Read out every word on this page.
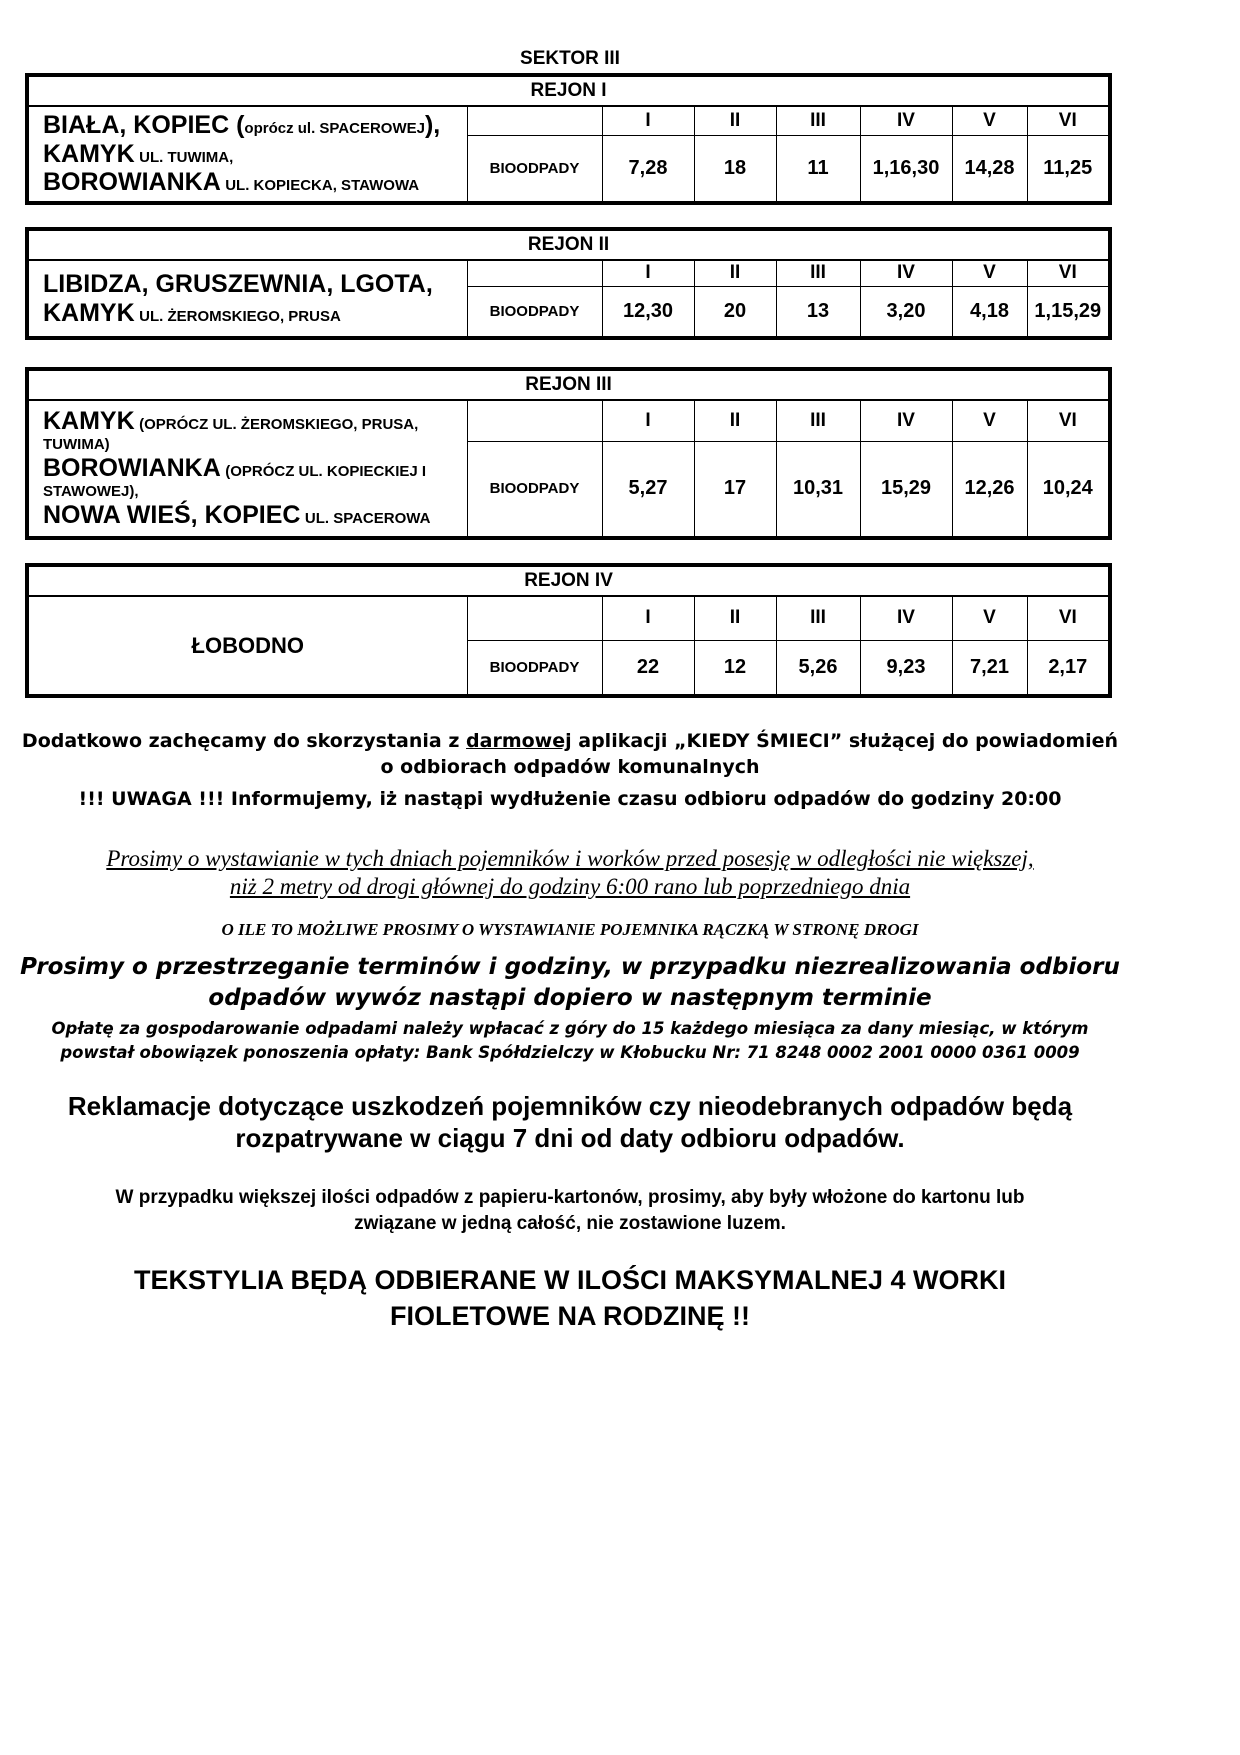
SEKTOR III
REJON I							

BIAŁA, KOPIEC (oprócz ul. SPACEROWEJ),
KAMYK UL. TUWIMA,
BOROWIANKA UL. KOPIECKA, STAWOWA		I	II	III	IV	V	VI
	BIOODPADY	7,28	18	11	1,16,30	14,28	11,25
REJON II							

LIBIDZA, GRUSZEWNIA, LGOTA,
KAMYK UL. ŻEROMSKIEGO, PRUSA		I	II	III	IV	V	VI
	BIOODPADY	12,30	20	13	3,20	4,18	1,15,29
REJON III							

KAMYK (OPRÓCZ UL. ŻEROMSKIEGO, PRUSA, TUWIMA)
BOROWIANKA (OPRÓCZ UL. KOPIECKIEJ I STAWOWEJ),
NOWA WIEŚ, KOPIEC UL. SPACEROWA		I	II	III	IV	V	VI
	BIOODPADY	5,27	17	10,31	15,29	12,26	10,24
REJON IV							
ŁOBODNO		I	II	III	IV	V	VI
	BIOODPADY	22	12	5,26	9,23	7,21	2,17
Dodatkowo zachęcamy do skorzystania z darmowej aplikacji „KIEDY ŚMIECI” służącej do powiadomień
o odbiorach odpadów komunalnych
!!! UWAGA !!! Informujemy, iż nastąpi wydłużenie czasu odbioru odpadów do godziny 20:00
Prosimy o wystawianie w tych dniach pojemników i worków przed posesję w odległości nie większej,
niż 2 metry od drogi głównej do godziny 6:00 rano lub poprzedniego dnia
O ILE TO MOŻLIWE PROSIMY O WYSTAWIANIE POJEMNIKA RĄCZKĄ W STRONĘ DROGI
Prosimy o przestrzeganie terminów i godziny, w przypadku niezrealizowania odbioru
odpadów wywóz nastąpi dopiero w następnym terminie
Opłatę za gospodarowanie odpadami należy wpłacać z góry do 15 każdego miesiąca za dany miesiąc, w którym
powstał obowiązek ponoszenia opłaty: Bank Spółdzielczy w Kłobucku Nr: 71 8248 0002 2001 0000 0361 0009
Reklamacje dotyczące uszkodzeń pojemników czy nieodebranych odpadów będą
rozpatrywane w ciągu 7 dni od daty odbioru odpadów.
W przypadku większej ilości odpadów z papieru-kartonów, prosimy, aby były włożone do kartonu lub
związane w jedną całość, nie zostawione luzem.
TEKSTYLIA BĘDĄ ODBIERANE W ILOŚCI MAKSYMALNEJ 4 WORKI
FIOLETOWE NA RODZINĘ !!
